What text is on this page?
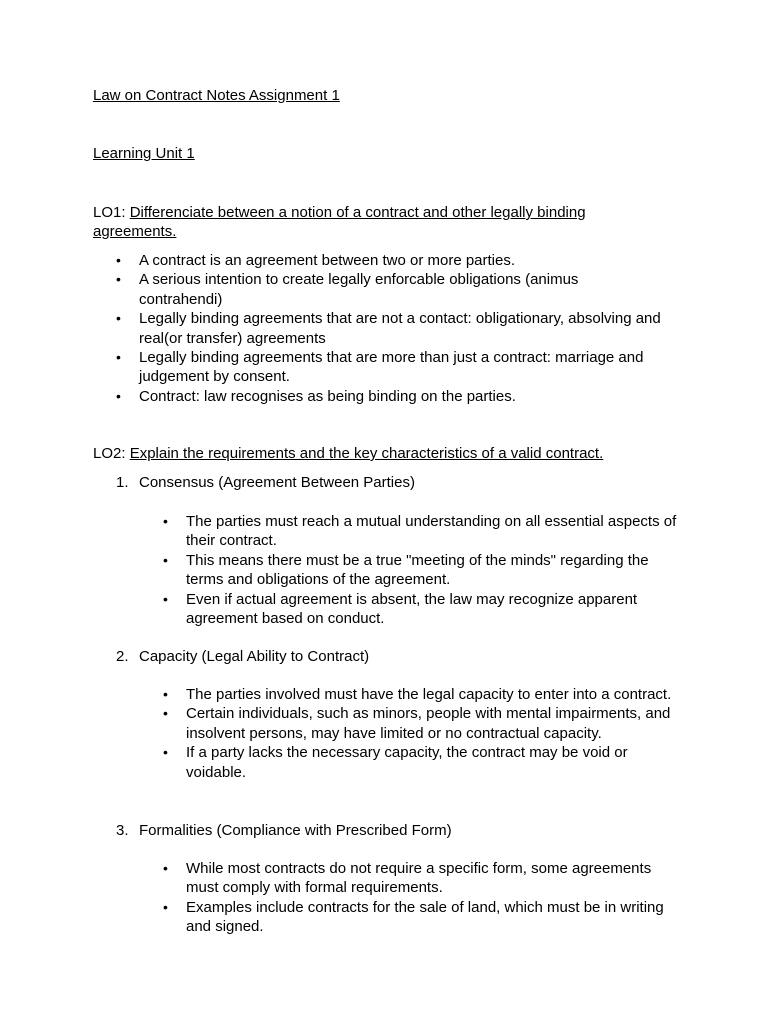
Law on Contract Notes Assignment 1
Learning Unit 1
LO1: Differenciate between a notion of a contract and other legally binding agreements.
• A contract is an agreement between two or more parties.
• A serious intention to create legally enforcable obligations (animus contrahendi)
• Legally binding agreements that are not a contact: obligationary, absolving and real(or transfer) agreements
• Legally binding agreements that are more than just a contract: marriage and judgement by consent.
• Contract: law recognises as being binding on the parties.
LO2: Explain the requirements and the key characteristics of a valid contract.
1. Consensus (Agreement Between Parties)
• The parties must reach a mutual understanding on all essential aspects of their contract.
• This means there must be a true "meeting of the minds" regarding the terms and obligations of the agreement.
• Even if actual agreement is absent, the law may recognize apparent agreement based on conduct.
2. Capacity (Legal Ability to Contract)
• The parties involved must have the legal capacity to enter into a contract.
• Certain individuals, such as minors, people with mental impairments, and insolvent persons, may have limited or no contractual capacity.
• If a party lacks the necessary capacity, the contract may be void or voidable.
3. Formalities (Compliance with Prescribed Form)
• While most contracts do not require a specific form, some agreements must comply with formal requirements.
• Examples include contracts for the sale of land, which must be in writing and signed.
